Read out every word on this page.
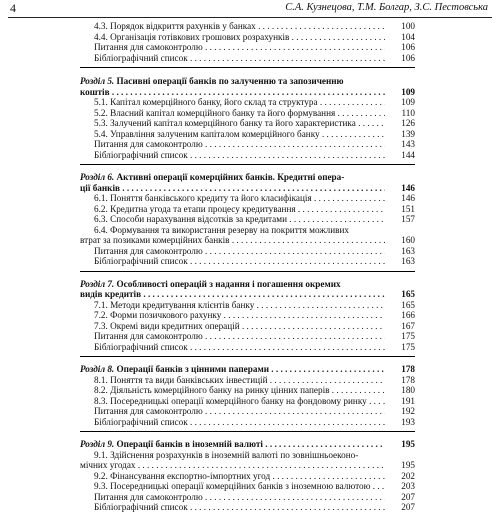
4	С.А. Кузнецова, Т.М. Болгар, З.С. Пестовська
4.3. Порядок відкриття рахунків у банках . . .	100
4.4. Організація готівкових грошових розрахунків . . .	104
Питання для самоконтролю . . .	106
Бібліографічний список . . .	106
Розділ 5. Пасивні операції банків по залученню та запозиченню
коштів . . .	109
5.1. Капітал комерційного банку, його склад та структура . . .	109
5.2. Власний капітал комерційного банку та його формування . . .	110
5.3. Залучений капітал комерційного банку та його характеристика . . .	126
5.4. Управління залученим капіталом комерційного банку . . .	139
Питання для самоконтролю . . .	143
Бібліографічний список . . .	144
Розділ 6. Активні операції комерційних банків. Кредитні опера-
ції банків . . .	146
6.1. Поняття банківського кредиту та його класифікація . . .	146
6.2. Кредитна угода та етапи процесу кредитування . . .	151
6.3. Способи нарахування відсотків за кредитами . . .	157
6.4. Формування та використання резерву на покриття можливих
втрат за позиками комерційних банків . . .	160
Питання для самоконтролю . . .	163
Бібліографічний список . . .	163
Розділ 7. Особливості операцій з надання і погашення окремих
видів кредитів . . .	165
7.1. Методи кредитування клієнтів банку . . .	165
7.2. Форми позичкового рахунку . . .	166
7.3. Окремі види кредитних операцій . . .	167
Питання для самоконтролю . . .	175
Бібліографічний список . . .	175
Розділ 8. Операції банків з цінними паперами . . .	178
8.1. Поняття та види банківських інвестицій . . .	178
8.2. Діяльність комерційного банку на ринку цінних паперів . . .	180
8.3. Посередницькі операції комерційного банку на фондовому ринку . . .	191
Питання для самоконтролю . . .	192
Бібліографічний список . . .	193
Розділ 9. Операції банків в іноземній валюті . . .	195
9.1. Здійснення розрахунків в іноземній валюті по зовнішньоеконо-
мічних угодах . . .	195
9.2. Фінансування експортно-імпортних угод . . .	202
9.3. Посередницькі операції комерційних банків з іноземною валютою . . .	203
Питання для самоконтролю . . .	207
Бібліографічний список . . .	207
